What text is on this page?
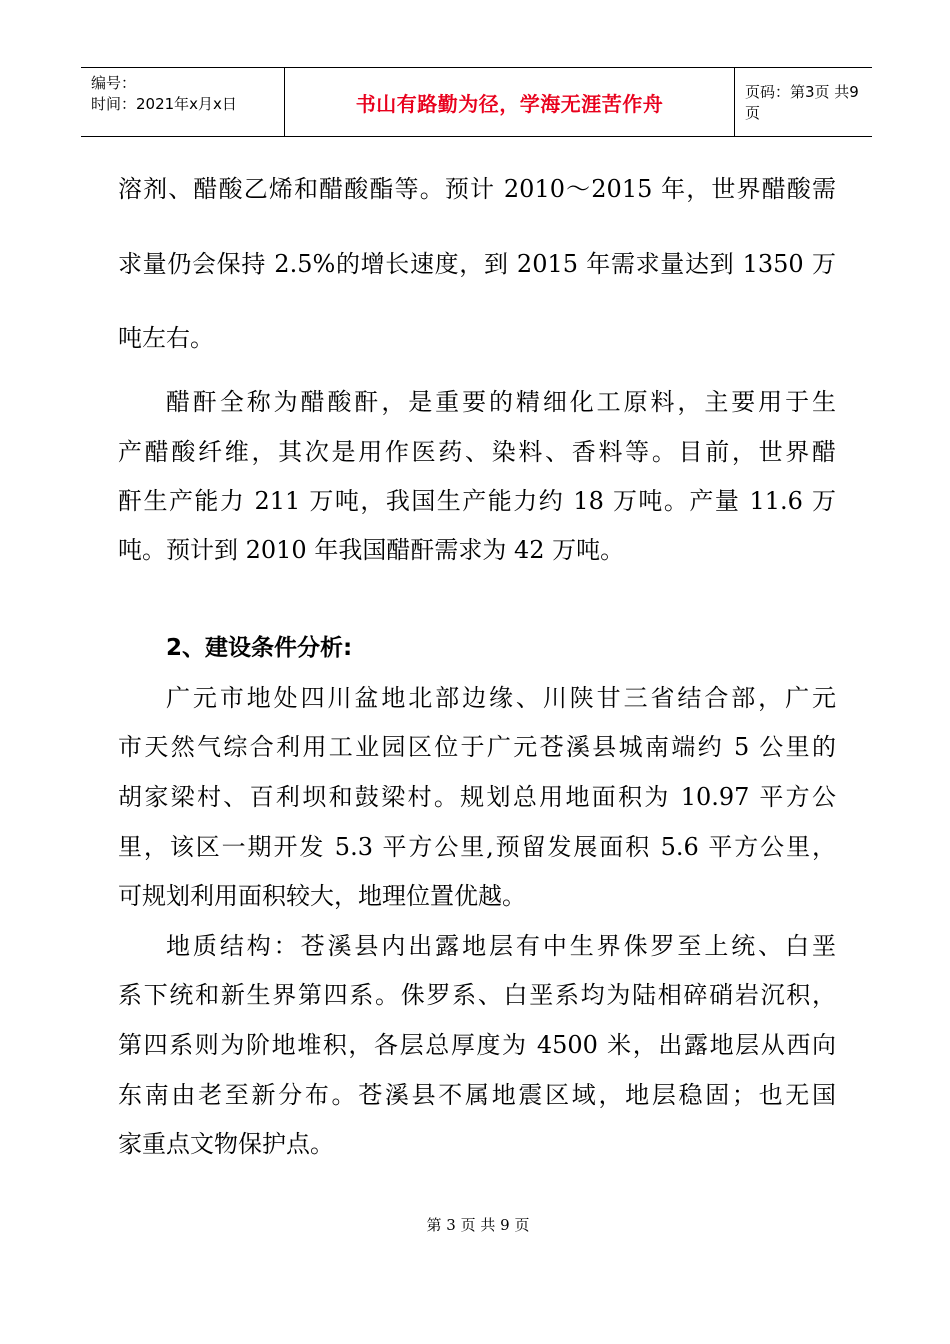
编号：
时间：2021年x月x日	书山有路勤为径，学海无涯苦作舟	页码：第3页 共9页
溶剂、醋酸乙烯和醋酸酯等。预计 2010～2015 年，世界醋酸需
求量仍会保持 2.5%的增长速度，到 2015 年需求量达到 1350 万
吨左右。
醋酐全称为醋酸酐，是重要的精细化工原料，主要用于生
产醋酸纤维，其次是用作医药、染料、香料等。目前，世界醋
酐生产能力 211 万吨，我国生产能力约 18 万吨。产量 11.6 万
吨。预计到 2010 年我国醋酐需求为 42 万吨。
2、建设条件分析:
广元市地处四川盆地北部边缘、川陕甘三省结合部，广元
市天然气综合利用工业园区位于广元苍溪县城南端约 5 公里的
胡家梁村、百利坝和鼓梁村。规划总用地面积为 10.97 平方公
里，该区一期开发 5.3 平方公里,预留发展面积 5.6 平方公里，
可规划利用面积较大，地理位置优越。
地质结构：苍溪县内出露地层有中生界侏罗至上统、白垩
系下统和新生界第四系。侏罗系、白垩系均为陆相碎硝岩沉积，
第四系则为阶地堆积，各层总厚度为 4500 米，出露地层从西向
东南由老至新分布。苍溪县不属地震区域，地层稳固；也无国
家重点文物保护点。
第 3 页 共 9 页
